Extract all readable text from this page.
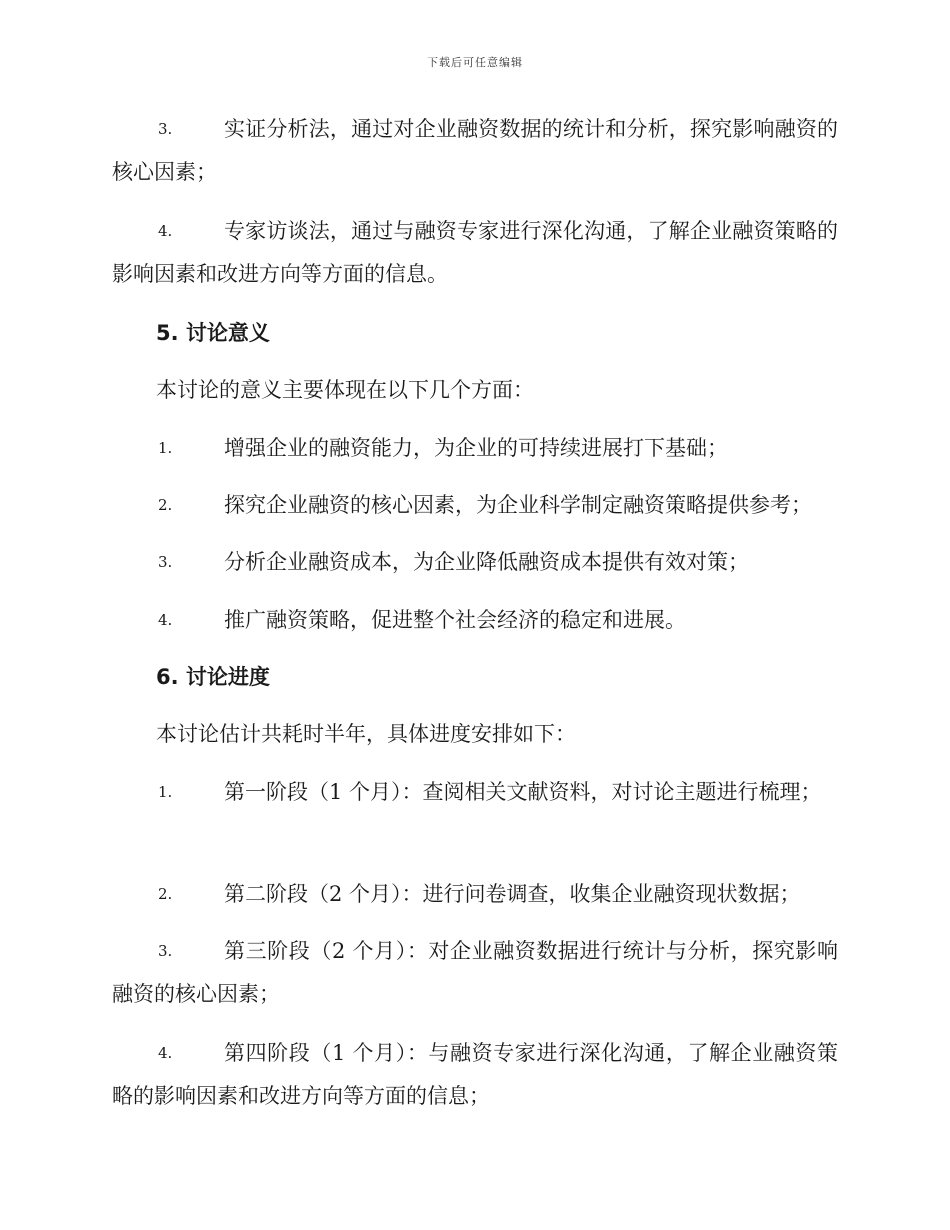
下载后可任意编辑
3.	实证分析法，通过对企业融资数据的统计和分析，探究影响融资的核心因素；
4.	专家访谈法，通过与融资专家进行深化沟通，了解企业融资策略的影响因素和改进方向等方面的信息。
5. 讨论意义

本讨论的意义主要体现在以下几个方面：

1.	增强企业的融资能力，为企业的可持续进展打下基础；
2.	探究企业融资的核心因素，为企业科学制定融资策略提供参考；
3.	分析企业融资成本，为企业降低融资成本提供有效对策；
4.	推广融资策略，促进整个社会经济的稳定和进展。
6. 讨论进度

本讨论估计共耗时半年，具体进度安排如下：

1.	第一阶段（1 个月）：查阅相关文献资料，对讨论主题进行梳理；
2.	第二阶段（2 个月）：进行问卷调查，收集企业融资现状数据；
3.	第三阶段（2 个月）：对企业融资数据进行统计与分析，探究影响融资的核心因素；
4.	第四阶段（1 个月）：与融资专家进行深化沟通，了解企业融资策略的影响因素和改进方向等方面的信息；
